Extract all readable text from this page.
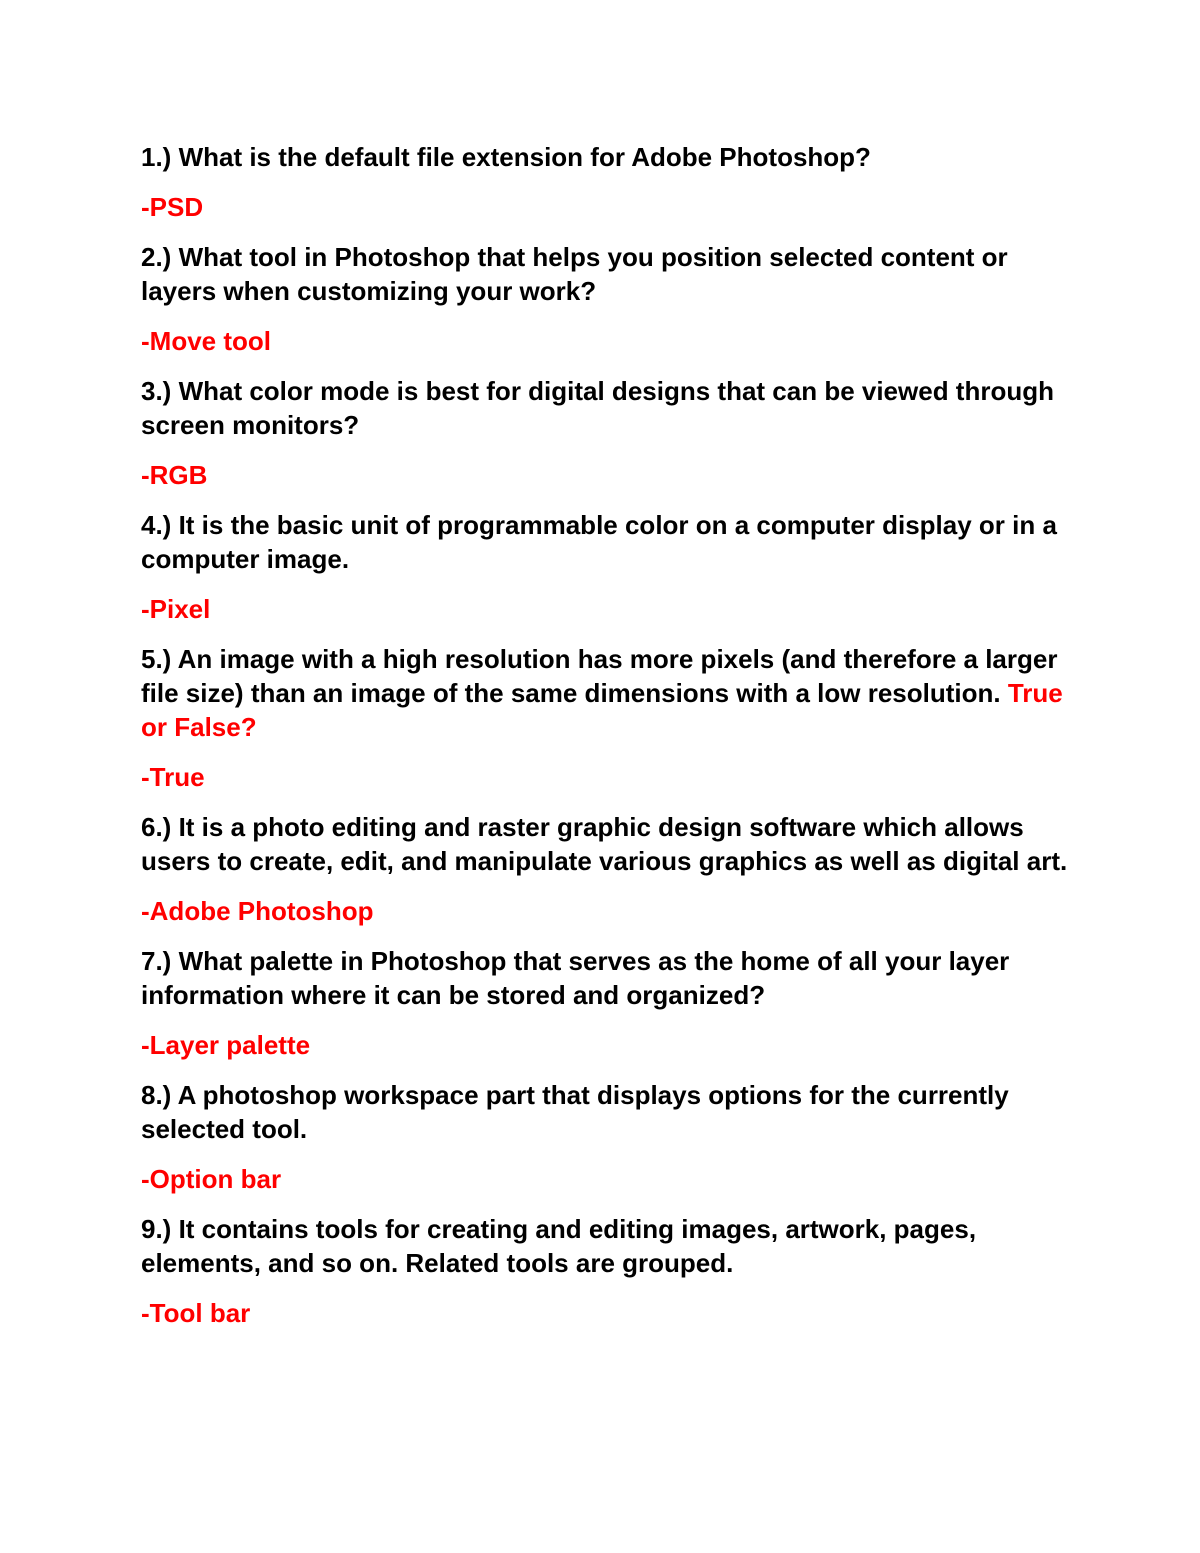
1.) What is the default file extension for Adobe Photoshop?

-PSD

2.) What tool in Photoshop that helps you position selected content or layers when customizing your work?

-Move tool

3.) What color mode is best for digital designs that can be viewed through screen monitors?

-RGB

4.) It is the basic unit of programmable color on a computer display or in a computer image.

-Pixel

5.) An image with a high resolution has more pixels (and therefore a larger file size) than an image of the same dimensions with a low resolution. True or False?

-True

6.) It is a photo editing and raster graphic design software which allows users to create, edit, and manipulate various graphics as well as digital art.

-Adobe Photoshop

7.) What palette in Photoshop that serves as the home of all your layer information where it can be stored and organized?

-Layer palette

8.) A photoshop workspace part that displays options for the currently selected tool.

-Option bar

9.) It contains tools for creating and editing images, artwork, pages, elements, and so on. Related tools are grouped.

-Tool bar
